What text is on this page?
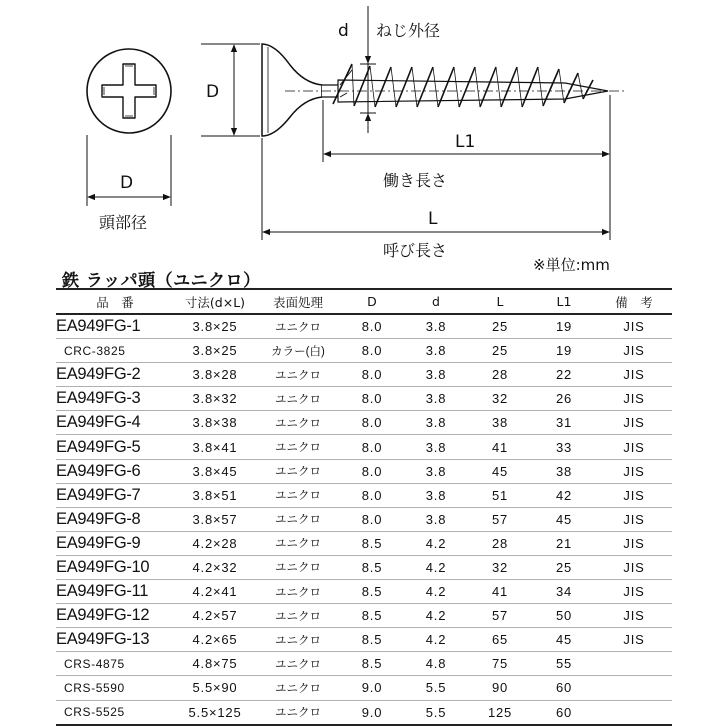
D
頭部径
D
d ねじ外径
L1
働き長さ
L
呼び長さ
※単位:mm
鉄 ラッパ頭（ユニクロ）
品　番	寸法(d×L)	表面処理	D	d	L	L1	備　考
EA949FG-1	3.8×25	ユニクロ	8.0	3.8	25	19	JIS
CRC-3825	3.8×25	カラー(白)	8.0	3.8	25	19	JIS
EA949FG-2	3.8×28	ユニクロ	8.0	3.8	28	22	JIS
EA949FG-3	3.8×32	ユニクロ	8.0	3.8	32	26	JIS
EA949FG-4	3.8×38	ユニクロ	8.0	3.8	38	31	JIS
EA949FG-5	3.8×41	ユニクロ	8.0	3.8	41	33	JIS
EA949FG-6	3.8×45	ユニクロ	8.0	3.8	45	38	JIS
EA949FG-7	3.8×51	ユニクロ	8.0	3.8	51	42	JIS
EA949FG-8	3.8×57	ユニクロ	8.0	3.8	57	45	JIS
EA949FG-9	4.2×28	ユニクロ	8.5	4.2	28	21	JIS
EA949FG-10	4.2×32	ユニクロ	8.5	4.2	32	25	JIS
EA949FG-11	4.2×41	ユニクロ	8.5	4.2	41	34	JIS
EA949FG-12	4.2×57	ユニクロ	8.5	4.2	57	50	JIS
EA949FG-13	4.2×65	ユニクロ	8.5	4.2	65	45	JIS
CRS-4875	4.8×75	ユニクロ	8.5	4.8	75	55	
CRS-5590	5.5×90	ユニクロ	9.0	5.5	90	60	
CRS-5525	5.5×125	ユニクロ	9.0	5.5	125	60	
